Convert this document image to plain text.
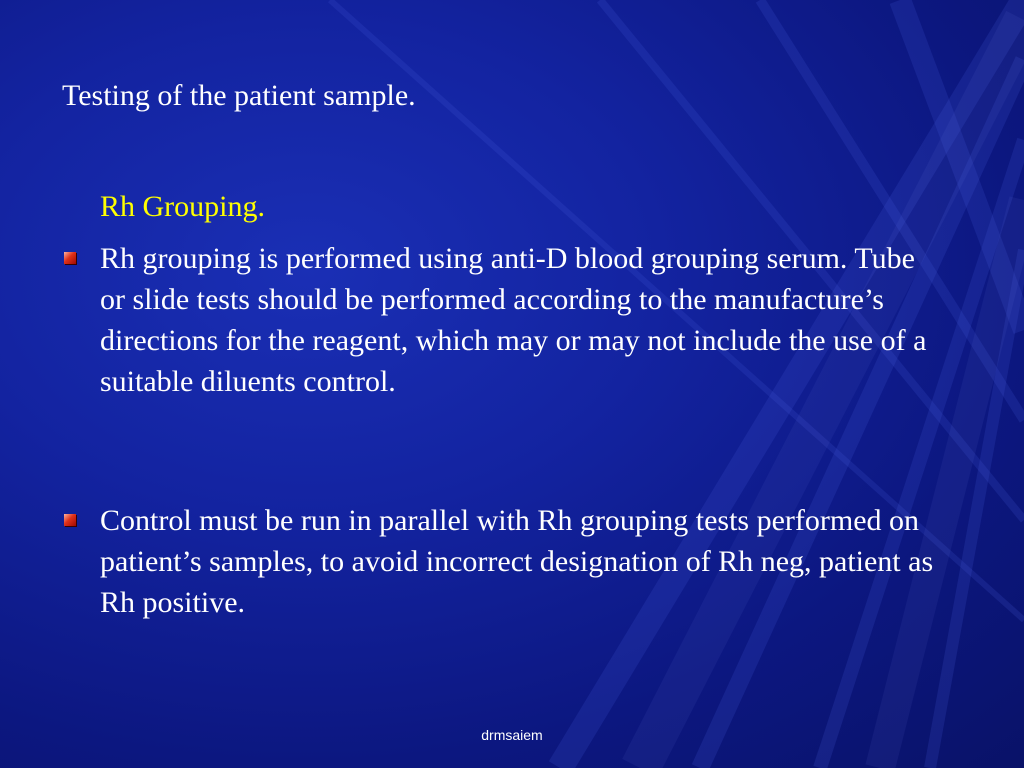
Testing of the patient sample.
Rh Grouping.
Rh grouping is performed using anti-D blood grouping serum. Tube or slide tests should be performed according to the manufacture’s directions for the reagent, which may or may not include the use of a suitable diluents control.
Control must be run in parallel with Rh grouping tests performed on patient’s samples, to avoid incorrect designation of Rh neg, patient as Rh positive.
drmsaiem
